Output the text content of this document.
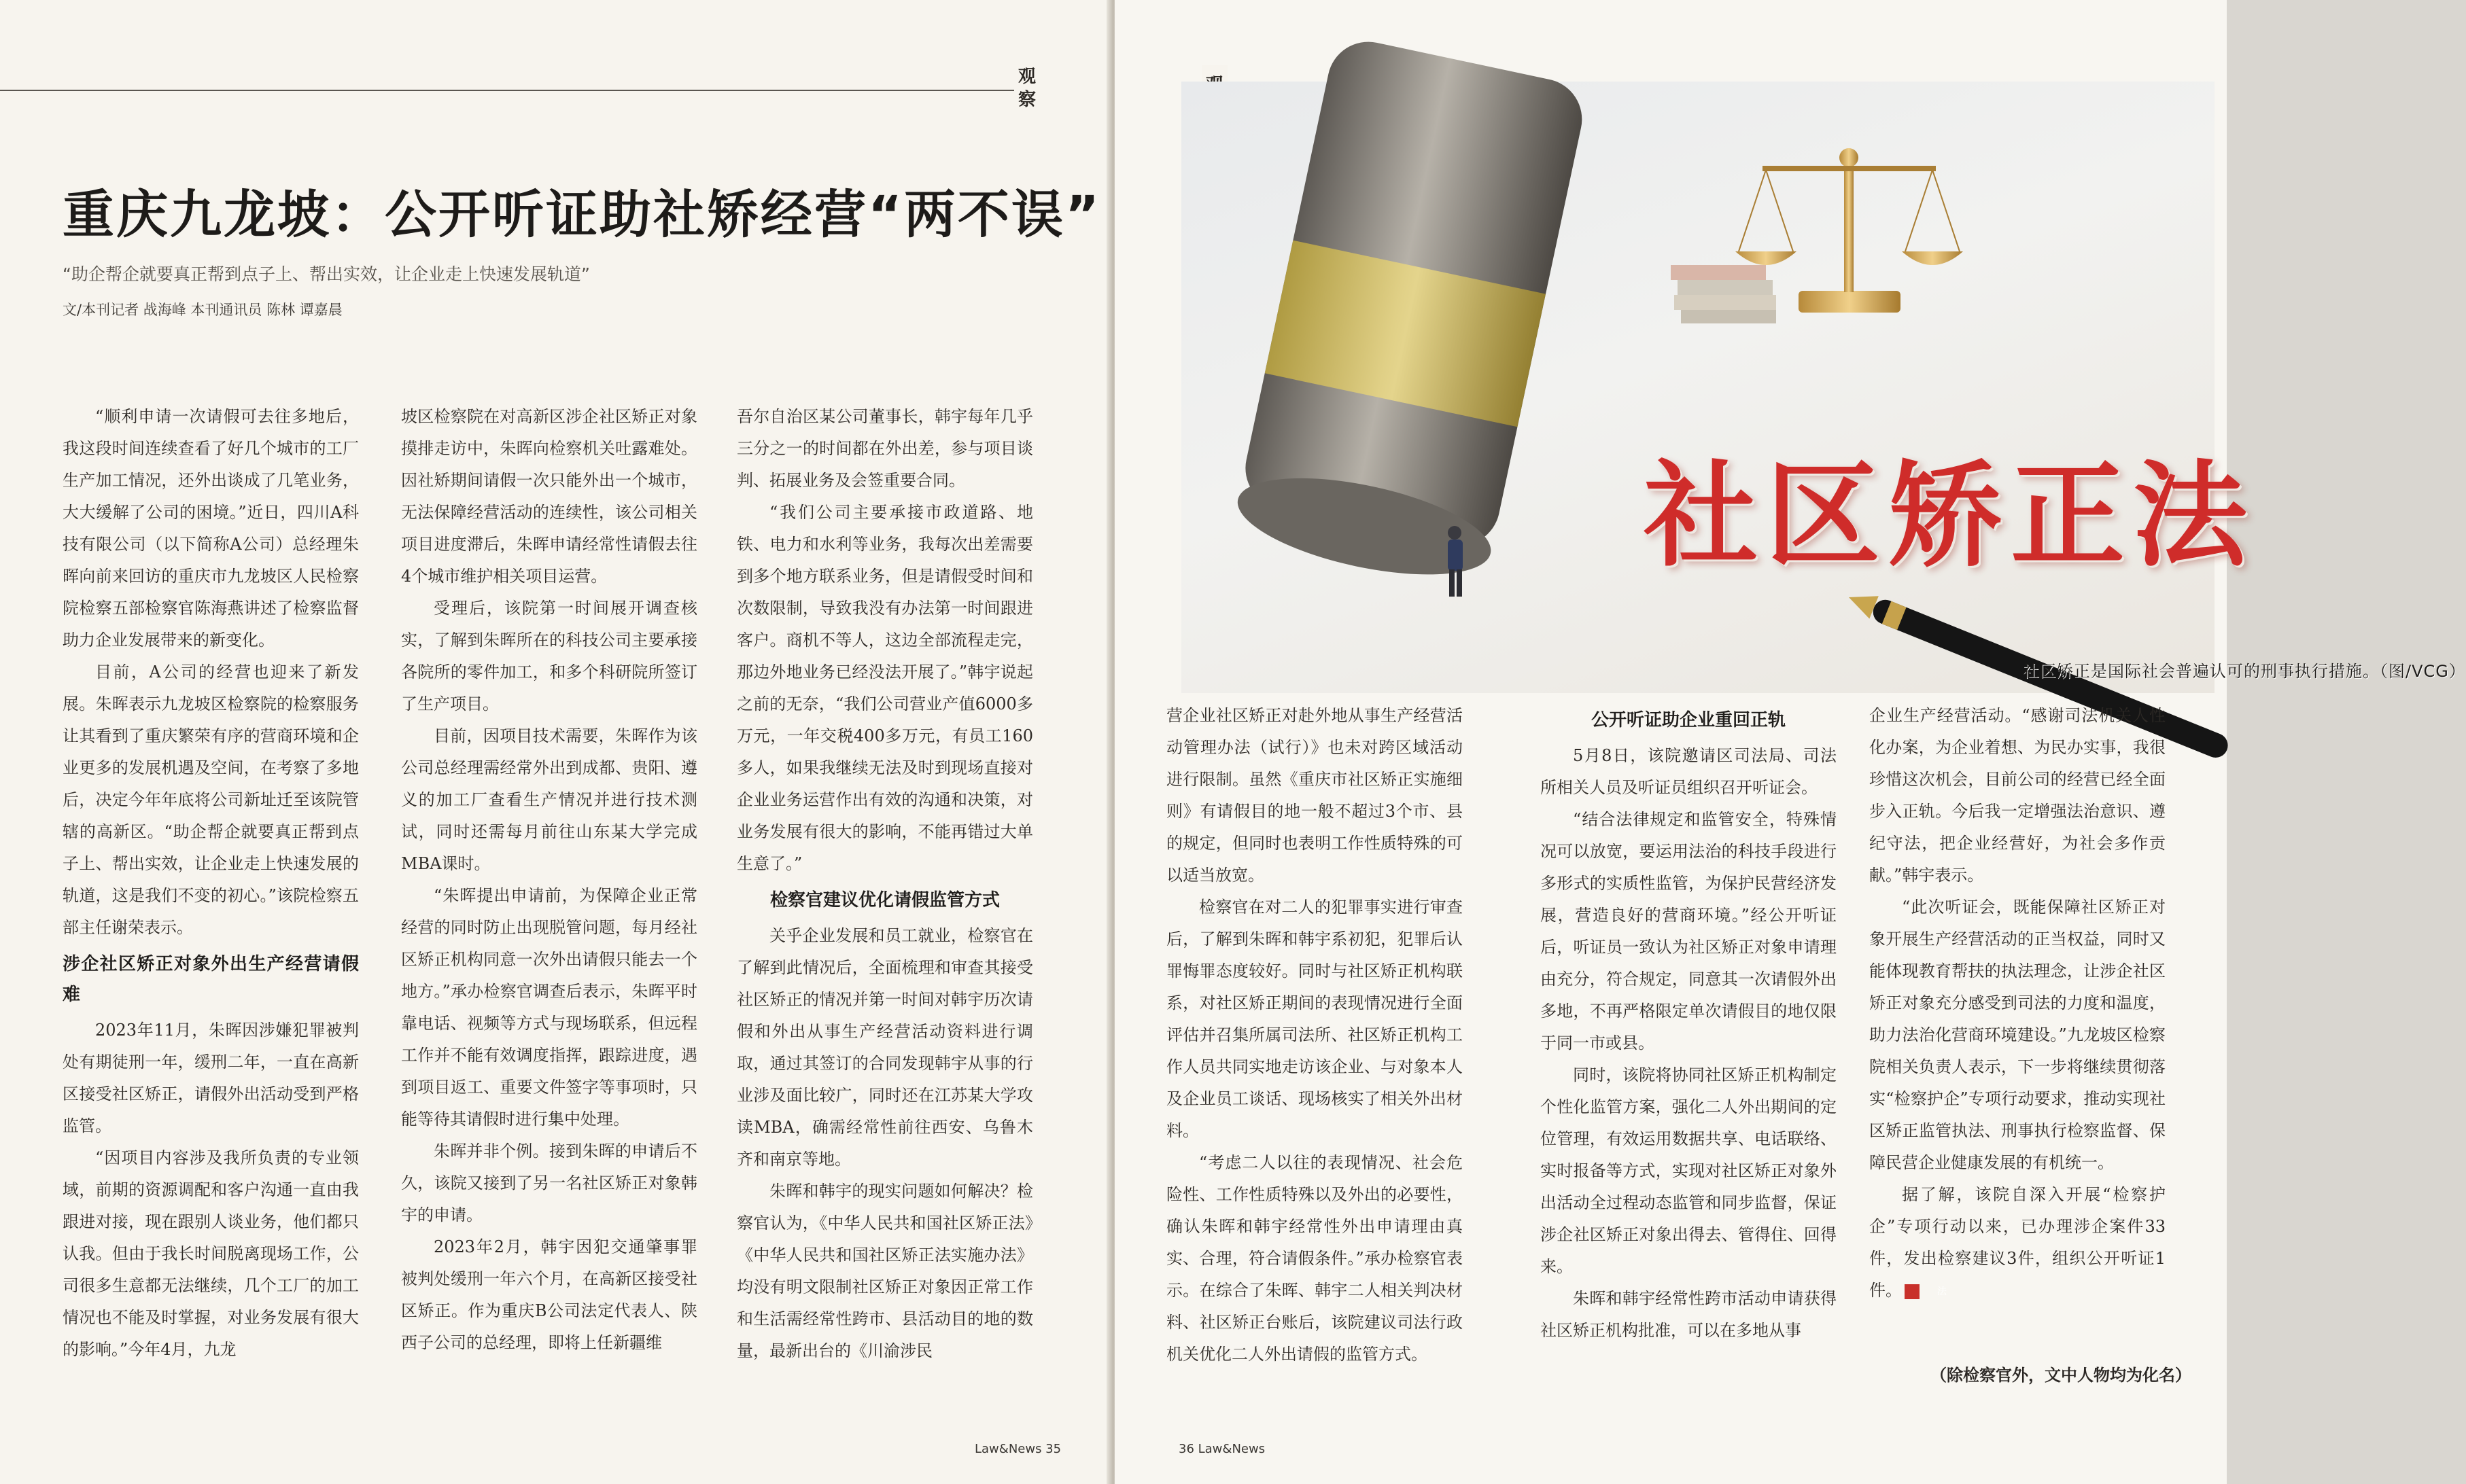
观察
重庆九龙坡：公开听证助社矫经营“两不误”
“助企帮企就要真正帮到点子上、帮出实效，让企业走上快速发展轨道”
文/本刊记者 战海峰 本刊通讯员 陈林 谭嘉晨

“顺利申请一次请假可去往多地后，我这段时间连续查看了好几个城市的工厂生产加工情况，还外出谈成了几笔业务，大大缓解了公司的困境。”近日，四川A科技有限公司（以下简称A公司）总经理朱晖向前来回访的重庆市九龙坡区人民检察院检察五部检察官陈海燕讲述了检察监督助力企业发展带来的新变化。

目前，A公司的经营也迎来了新发展。朱晖表示九龙坡区检察院的检察服务让其看到了重庆繁荣有序的营商环境和企业更多的发展机遇及空间，在考察了多地后，决定今年年底将公司新址迁至该院管辖的高新区。“助企帮企就要真正帮到点子上、帮出实效，让企业走上快速发展的轨道，这是我们不变的初心。”该院检察五部主任谢荣表示。

涉企社区矫正对象外出生产经营请假难

2023年11月，朱晖因涉嫌犯罪被判处有期徒刑一年，缓刑二年，一直在高新区接受社区矫正，请假外出活动受到严格监管。

“因项目内容涉及我所负责的专业领域，前期的资源调配和客户沟通一直由我跟进对接，现在跟别人谈业务，他们都只认我。但由于我长时间脱离现场工作，公司很多生意都无法继续，几个工厂的加工情况也不能及时掌握，对业务发展有很大的影响。”今年4月，九龙

坡区检察院在对高新区涉企社区矫正对象摸排走访中，朱晖向检察机关吐露难处。因社矫期间请假一次只能外出一个城市，无法保障经营活动的连续性，该公司相关项目进度滞后，朱晖申请经常性请假去往4个城市维护相关项目运营。

受理后，该院第一时间展开调查核实，了解到朱晖所在的科技公司主要承接各院所的零件加工，和多个科研院所签订了生产项目。

目前，因项目技术需要，朱晖作为该公司总经理需经常外出到成都、贵阳、遵义的加工厂查看生产情况并进行技术测试，同时还需每月前往山东某大学完成MBA课时。

“朱晖提出申请前，为保障企业正常经营的同时防止出现脱管问题，每月经社区矫正机构同意一次外出请假只能去一个地方。”承办检察官调查后表示，朱晖平时靠电话、视频等方式与现场联系，但远程工作并不能有效调度指挥，跟踪进度，遇到项目返工、重要文件签字等事项时，只能等待其请假时进行集中处理。

朱晖并非个例。接到朱晖的申请后不久，该院又接到了另一名社区矫正对象韩宇的申请。

2023年2月，韩宇因犯交通肇事罪被判处缓刑一年六个月，在高新区接受社区矫正。作为重庆B公司法定代表人、陕西子公司的总经理，即将上任新疆维

吾尔自治区某公司董事长，韩宇每年几乎三分之一的时间都在外出差，参与项目谈判、拓展业务及会签重要合同。

“我们公司主要承接市政道路、地铁、电力和水利等业务，我每次出差需要到多个地方联系业务，但是请假受时间和次数限制，导致我没有办法第一时间跟进客户。商机不等人，这边全部流程走完，那边外地业务已经没法开展了。”韩宇说起之前的无奈，“我们公司营业产值6000多万元，一年交税400多万元，有员工160多人，如果我继续无法及时到现场直接对企业业务运营作出有效的沟通和决策，对业务发展有很大的影响，不能再错过大单生意了。”

检察官建议优化请假监管方式

关乎企业发展和员工就业，检察官在了解到此情况后，全面梳理和审查其接受社区矫正的情况并第一时间对韩宇历次请假和外出从事生产经营活动资料进行调取，通过其签订的合同发现韩宇从事的行业涉及面比较广，同时还在江苏某大学攻读MBA，确需经常性前往西安、乌鲁木齐和南京等地。

朱晖和韩宇的现实问题如何解决？检察官认为，《中华人民共和国社区矫正法》《中华人民共和国社区矫正法实施办法》均没有明文限制社区矫正对象因正常工作和生活需经常性跨市、县活动目的地的数量，最新出台的《川渝涉民

Law&News 35
社区矫正法
社区矫正是国际社会普遍认可的刑事执行措施。（图/VCG）

营企业社区矫正对赴外地从事生产经营活动管理办法（试行）》也未对跨区域活动进行限制。虽然《重庆市社区矫正实施细则》有请假目的地一般不超过3个市、县的规定，但同时也表明工作性质特殊的可以适当放宽。

检察官在对二人的犯罪事实进行审查后，了解到朱晖和韩宇系初犯，犯罪后认罪悔罪态度较好。同时与社区矫正机构联系，对社区矫正期间的表现情况进行全面评估并召集所属司法所、社区矫正机构工作人员共同实地走访该企业、与对象本人及企业员工谈话、现场核实了相关外出材料。

“考虑二人以往的表现情况、社会危险性、工作性质特殊以及外出的必要性，确认朱晖和韩宇经常性外出申请理由真实、合理，符合请假条件。”承办检察官表示。在综合了朱晖、韩宇二人相关判决材料、社区矫正台账后，该院建议司法行政机关优化二人外出请假的监管方式。

公开听证助企业重回正轨

5月8日，该院邀请区司法局、司法所相关人员及听证员组织召开听证会。

“结合法律规定和监管安全，特殊情况可以放宽，要运用法治的科技手段进行多形式的实质性监管，为保护民营经济发展，营造良好的营商环境。”经公开听证后，听证员一致认为社区矫正对象申请理由充分，符合规定，同意其一次请假外出多地，不再严格限定单次请假目的地仅限于同一市或县。

同时，该院将协同社区矫正机构制定个性化监管方案，强化二人外出期间的定位管理，有效运用数据共享、电话联络、实时报备等方式，实现对社区矫正对象外出活动全过程动态监管和同步监督，保证涉企社区矫正对象出得去、管得住、回得来。

朱晖和韩宇经常性跨市活动申请获得社区矫正机构批准，可以在多地从事

企业生产经营活动。“感谢司法机关人性化办案，为企业着想、为民办实事，我很珍惜这次机会，目前公司的经营已经全面步入正轨。今后我一定增强法治意识、遵纪守法，把企业经营好，为社会多作贡献。”韩宇表示。

“此次听证会，既能保障社区矫正对象开展生产经营活动的正当权益，同时又能体现教育帮扶的执法理念，让涉企社区矫正对象充分感受到司法的力度和温度，助力法治化营商环境建设。”九龙坡区检察院相关负责人表示，下一步将继续贯彻落实“检察护企”专项行动要求，推动实现社区矫正监管执法、刑事执行检察监督、保障民营企业健康发展的有机统一。

据了解，该院自深入开展“检察护企”专项行动以来，已办理涉企案件33件，发出检察建议3件，组织公开听证1件。	法

（除检察官外，文中人物均为化名）
36 Law&News
